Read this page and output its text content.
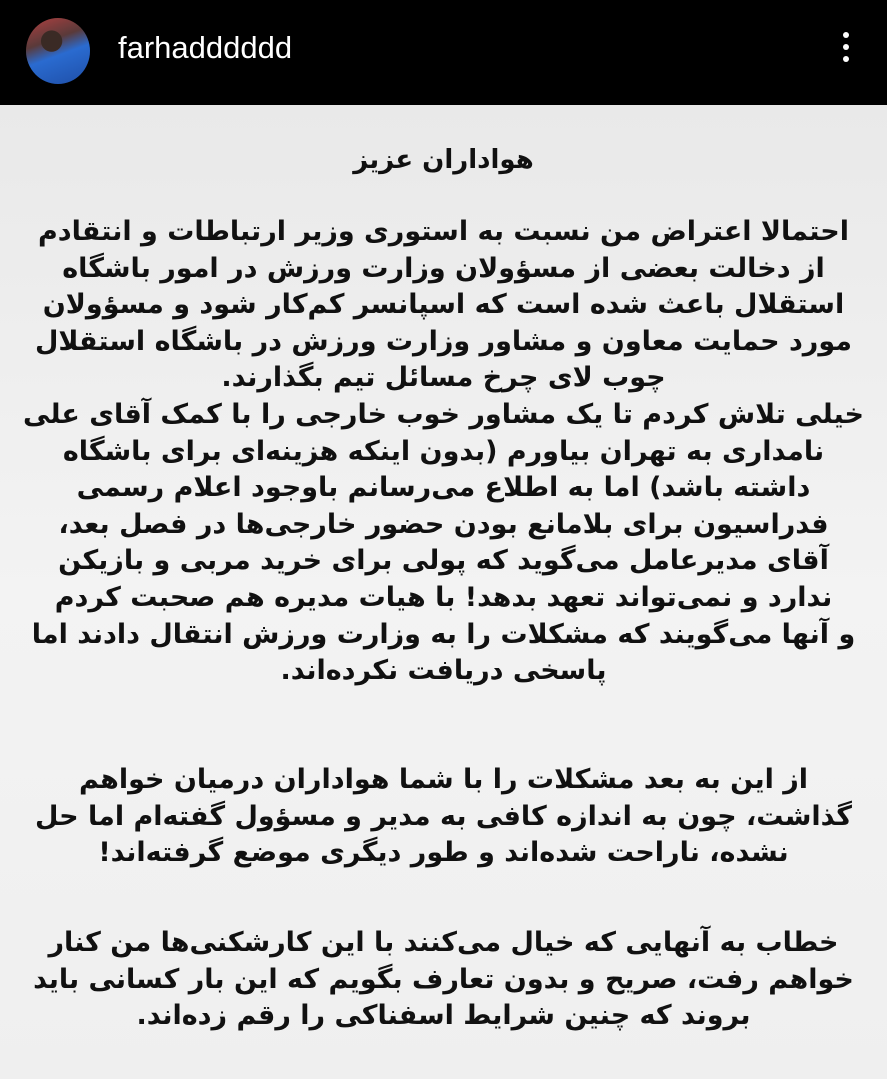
farhadddddd
هواداران عزیز
احتمالا اعتراض من نسبت به استوری وزیر ارتباطات و انتقادم
از دخالت بعضی از مسؤولان وزارت ورزش در امور باشگاه
استقلال باعث شده است که اسپانسر کم‌کار شود و مسؤولان
مورد حمایت معاون و مشاور وزارت ورزش در باشگاه استقلال
چوب لای چرخ مسائل تیم بگذارند.
خیلی تلاش کردم تا یک مشاور خوب خارجی را با کمک آقای علی
نامداری به تهران بیاورم (بدون اینکه هزینه‌ای برای باشگاه
داشته باشد) اما به اطلاع می‌رسانم باوجود اعلام رسمی
فدراسیون برای بلامانع بودن حضور خارجی‌ها در فصل بعد،
آقای مدیرعامل می‌گوید که پولی برای خرید مربی و بازیکن
ندارد و نمی‌تواند تعهد بدهد! با هیات مدیره هم صحبت کردم
و آنها می‌گویند که مشکلات را به وزارت ورزش انتقال دادند اما
پاسخی دریافت نکرده‌اند.
از این به بعد مشکلات را با شما هواداران درمیان خواهم
گذاشت، چون به اندازه کافی به مدیر و مسؤول گفته‌ام اما حل
نشده، ناراحت شده‌اند و طور دیگری موضع گرفته‌اند!
خطاب به آنهایی که خیال می‌کنند با این کارشکنی‌ها من کنار
خواهم رفت، صریح و بدون تعارف بگویم که این بار کسانی باید
بروند که چنین شرایط اسفناکی را رقم زده‌اند.
